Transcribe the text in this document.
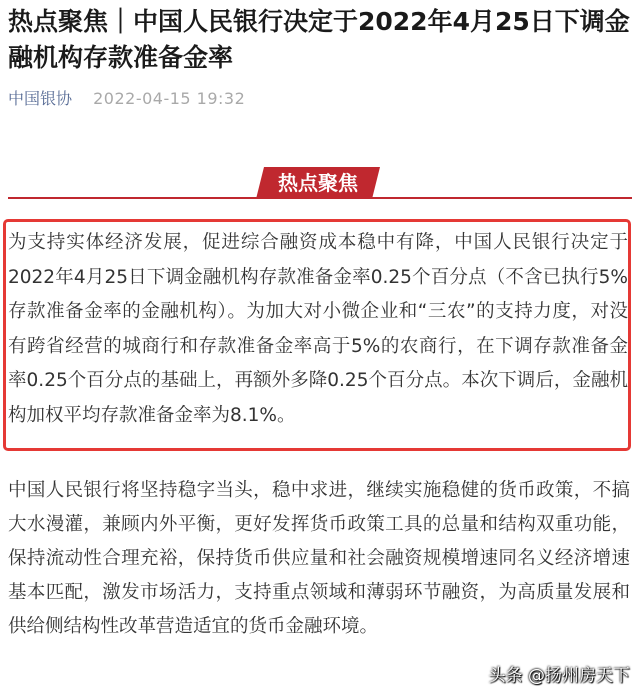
热点聚焦｜中国人民银行决定于2022年4月25日下调金融机构存款准备金率
中国银协 2022-04-15 19:32
热点聚焦

为支持实体经济发展，促进综合融资成本稳中有降，中国人民银行决定于2022年4月25日下调金融机构存款准备金率0.25个百分点（不含已执行5%存款准备金率的金融机构）。为加大对小微企业和“三农”的支持力度，对没有跨省经营的城商行和存款准备金率高于5%的农商行，在下调存款准备金率0.25个百分点的基础上，再额外多降0.25个百分点。本次下调后，金融机构加权平均存款准备金率为8.1%。

中国人民银行将坚持稳字当头，稳中求进，继续实施稳健的货币政策，不搞大水漫灌，兼顾内外平衡，更好发挥货币政策工具的总量和结构双重功能，保持流动性合理充裕，保持货币供应量和社会融资规模增速同名义经济增速基本匹配，激发市场活力，支持重点领域和薄弱环节融资，为高质量发展和供给侧结构性改革营造适宜的货币金融环境。

头条 @扬州房天下
